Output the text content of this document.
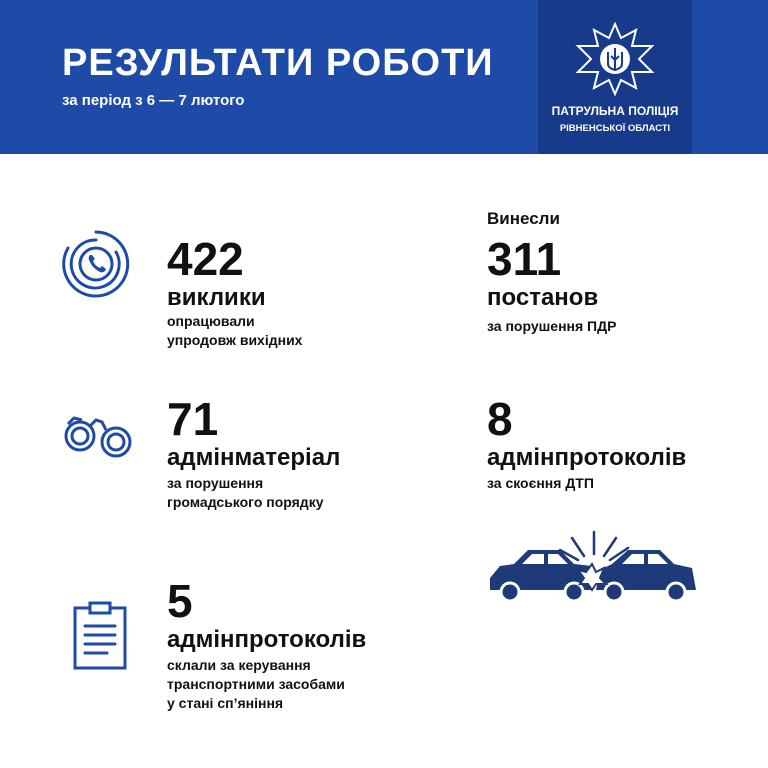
РЕЗУЛЬТАТИ РОБОТИ
за період з 6 — 7 лютого
ПАТРУЛЬНА ПОЛІЦІЯ
РІВНЕНСЬКОЇ ОБЛАСТІ
422
виклики
опрацювали
упродовж вихідних
Винесли
311
постанов
за порушення ПДР
71
адмінматеріал
за порушення
громадського порядку
8
адмінпротоколів
за скоєння ДТП
5
адмінпротоколів
склали за керування
транспортними засобами
у стані сп’яніння
